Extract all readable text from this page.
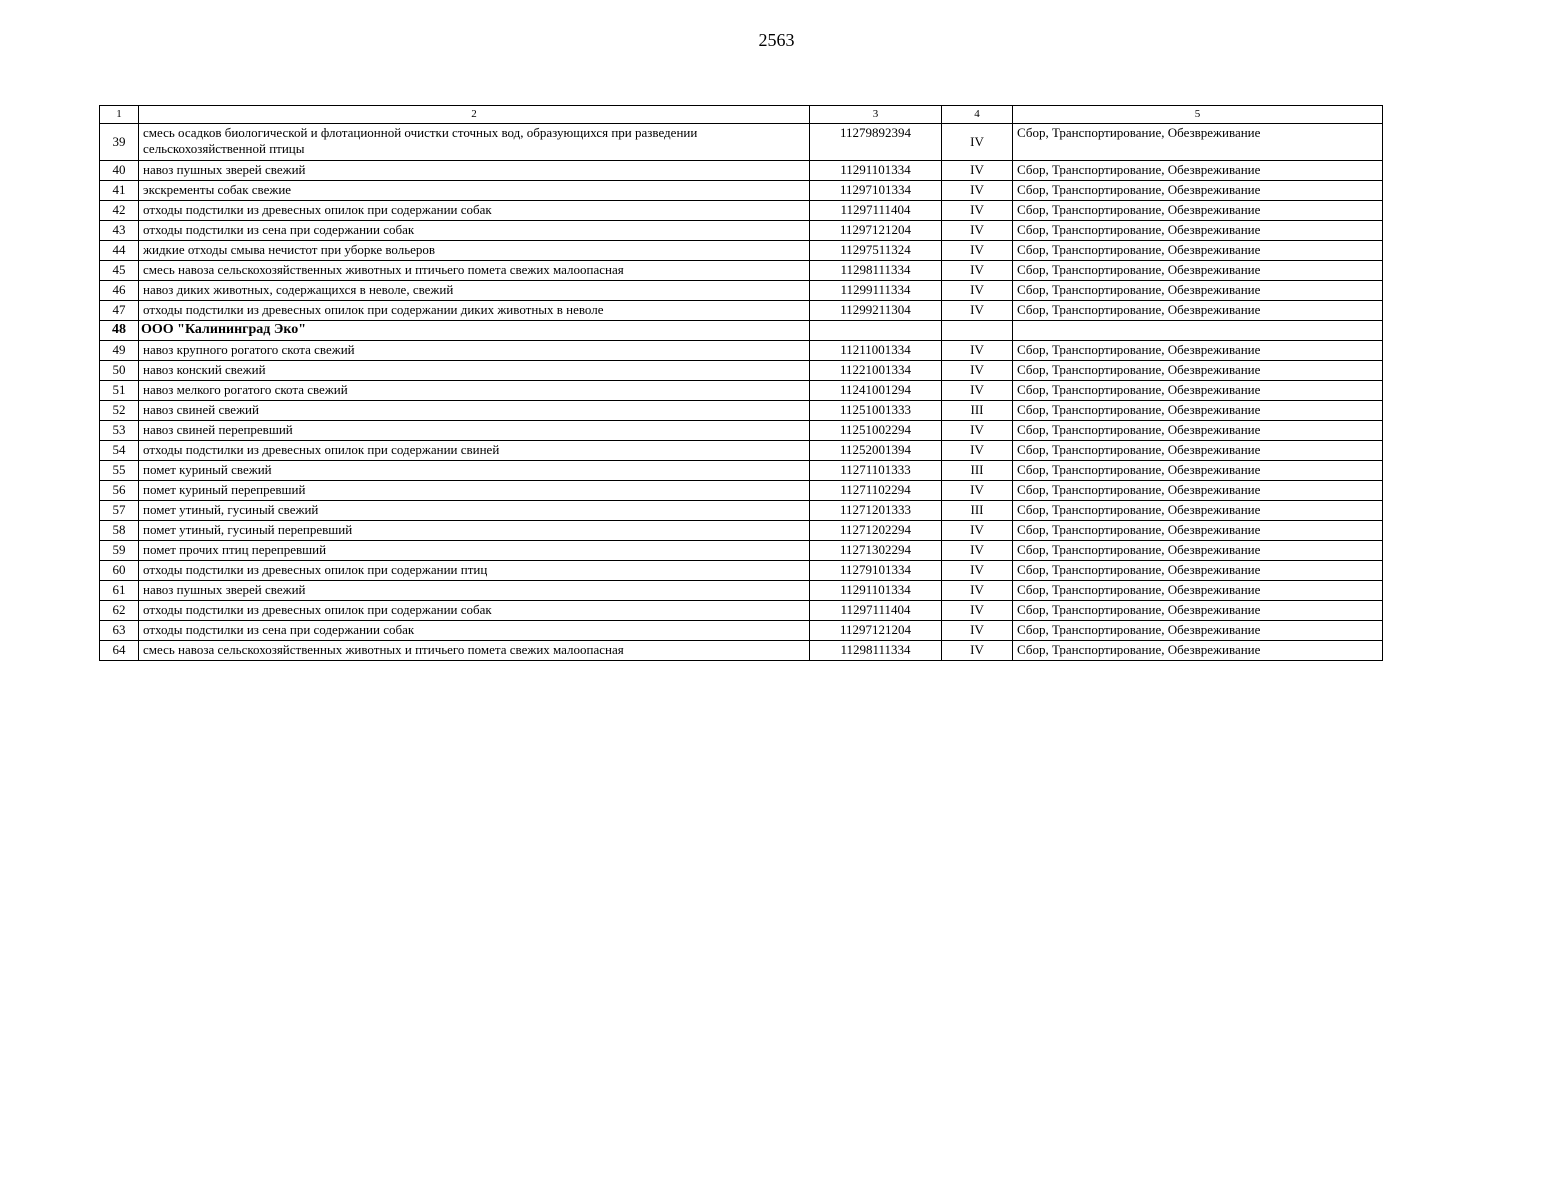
2563
1	2	3	4	5
39	смесь осадков биологической и флотационной очистки сточных вод, образующихся при разведении сельскохозяйственной птицы	11279892394	IV	Сбор, Транспортирование, Обезвреживание
40	навоз пушных зверей свежий	11291101334	IV	Сбор, Транспортирование, Обезвреживание
41	экскременты собак свежие	11297101334	IV	Сбор, Транспортирование, Обезвреживание
42	отходы подстилки из древесных опилок при содержании собак	11297111404	IV	Сбор, Транспортирование, Обезвреживание
43	отходы подстилки из сена при содержании собак	11297121204	IV	Сбор, Транспортирование, Обезвреживание
44	жидкие отходы смыва нечистот при уборке вольеров	11297511324	IV	Сбор, Транспортирование, Обезвреживание
45	смесь навоза сельскохозяйственных животных и птичьего помета свежих малоопасная	11298111334	IV	Сбор, Транспортирование, Обезвреживание
46	навоз диких животных, содержащихся в неволе, свежий	11299111334	IV	Сбор, Транспортирование, Обезвреживание
47	отходы подстилки из древесных опилок при содержании диких животных в неволе	11299211304	IV	Сбор, Транспортирование, Обезвреживание
48	ООО "Калининград Эко"			
49	навоз крупного рогатого скота свежий	11211001334	IV	Сбор, Транспортирование, Обезвреживание
50	навоз конский свежий	11221001334	IV	Сбор, Транспортирование, Обезвреживание
51	навоз мелкого рогатого скота свежий	11241001294	IV	Сбор, Транспортирование, Обезвреживание
52	навоз свиней свежий	11251001333	III	Сбор, Транспортирование, Обезвреживание
53	навоз свиней перепревший	11251002294	IV	Сбор, Транспортирование, Обезвреживание
54	отходы подстилки из древесных опилок при содержании свиней	11252001394	IV	Сбор, Транспортирование, Обезвреживание
55	помет куриный свежий	11271101333	III	Сбор, Транспортирование, Обезвреживание
56	помет куриный перепревший	11271102294	IV	Сбор, Транспортирование, Обезвреживание
57	помет утиный, гусиный свежий	11271201333	III	Сбор, Транспортирование, Обезвреживание
58	помет утиный, гусиный перепревший	11271202294	IV	Сбор, Транспортирование, Обезвреживание
59	помет прочих птиц перепревший	11271302294	IV	Сбор, Транспортирование, Обезвреживание
60	отходы подстилки из древесных опилок при содержании птиц	11279101334	IV	Сбор, Транспортирование, Обезвреживание
61	навоз пушных зверей свежий	11291101334	IV	Сбор, Транспортирование, Обезвреживание
62	отходы подстилки из древесных опилок при содержании собак	11297111404	IV	Сбор, Транспортирование, Обезвреживание
63	отходы подстилки из сена при содержании собак	11297121204	IV	Сбор, Транспортирование, Обезвреживание
64	смесь навоза сельскохозяйственных животных и птичьего помета свежих малоопасная	11298111334	IV	Сбор, Транспортирование, Обезвреживание
